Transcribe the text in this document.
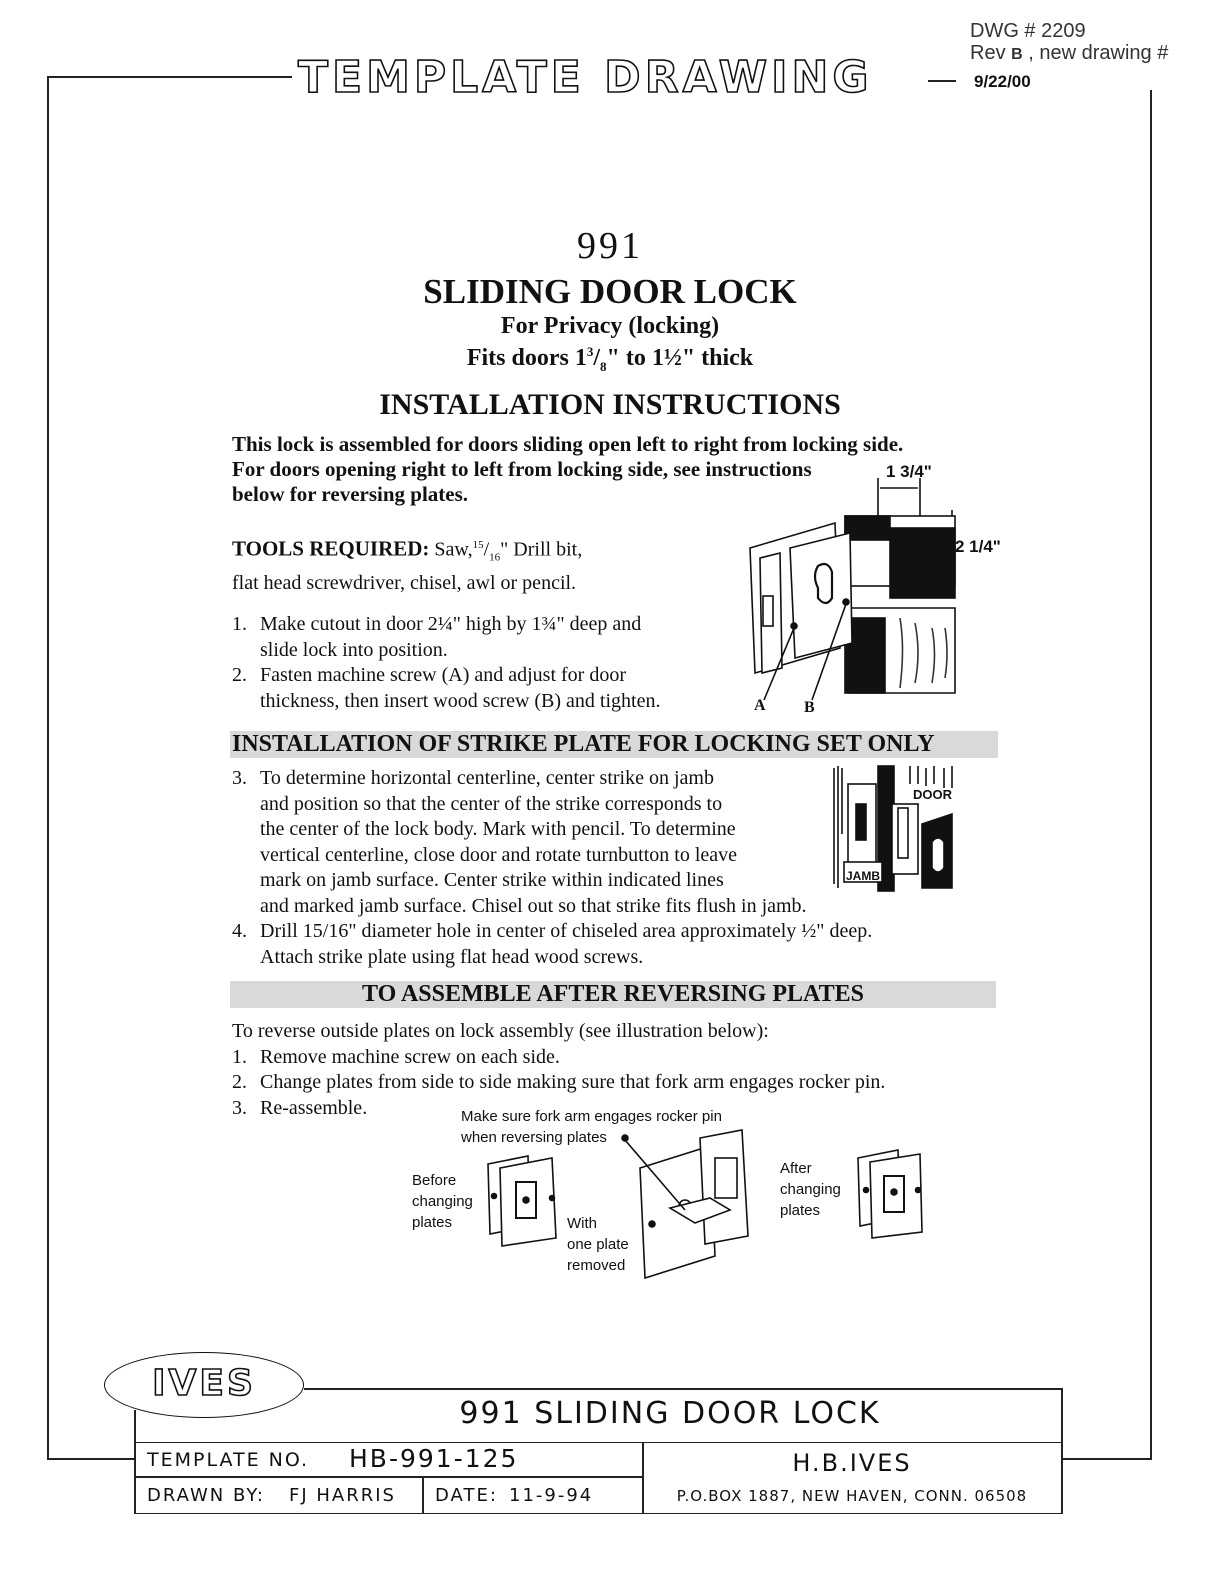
DWG # 2209
Rev B , new drawing #
9/22/00
TEMPLATE DRAWING
991
SLIDING DOOR LOCK
For Privacy (locking)
Fits doors $1^3/_8$" to 1½" thick
INSTALLATION INSTRUCTIONS
This lock is assembled for doors sliding open left to right from locking side.
For doors opening right to left from locking side, see instructions
below for reversing plates.
TOOLS REQUIRED: $Saw,^{15}/_{16}$" Drill bit,
flat head screwdriver, chisel, awl or pencil.
1. Make cutout in door 2¼" high by 1¾" deep and
slide lock into position.
2. Fasten machine screw (A) and adjust for door
thickness, then insert wood screw (B) and tighten.
1 3/4"
2 1/4"
A B
INSTALLATION OF STRIKE PLATE FOR LOCKING SET ONLY
3. To determine horizontal centerline, center strike on jamb
and position so that the center of the strike corresponds to
the center of the lock body. Mark with pencil. To determine
vertical centerline, close door and rotate turnbutton to leave
mark on jamb surface. Center strike within indicated lines
and marked jamb surface. Chisel out so that strike fits flush in jamb.
4. Drill 15/16" diameter hole in center of chiseled area approximately ½" deep.
Attach strike plate using flat head wood screws.
DOOR
JAMB
TO ASSEMBLE AFTER REVERSING PLATES
To reverse outside plates on lock assembly (see illustration below):
1. Remove machine screw on each side.
2. Change plates from side to side making sure that fork arm engages rocker pin.
3. Re-assemble.	Make sure fork arm engages rocker pin
when reversing plates
Before
changing
plates	With
one plate
removed
After
changing
plates
IVES
991 SLIDING DOOR LOCK
TEMPLATE NO. HB-991-125
DRAWN BY: FJ HARRIS DATE: 11-9-94
H.B.IVES
P.O.BOX 1887, NEW HAVEN, CONN. 06508
